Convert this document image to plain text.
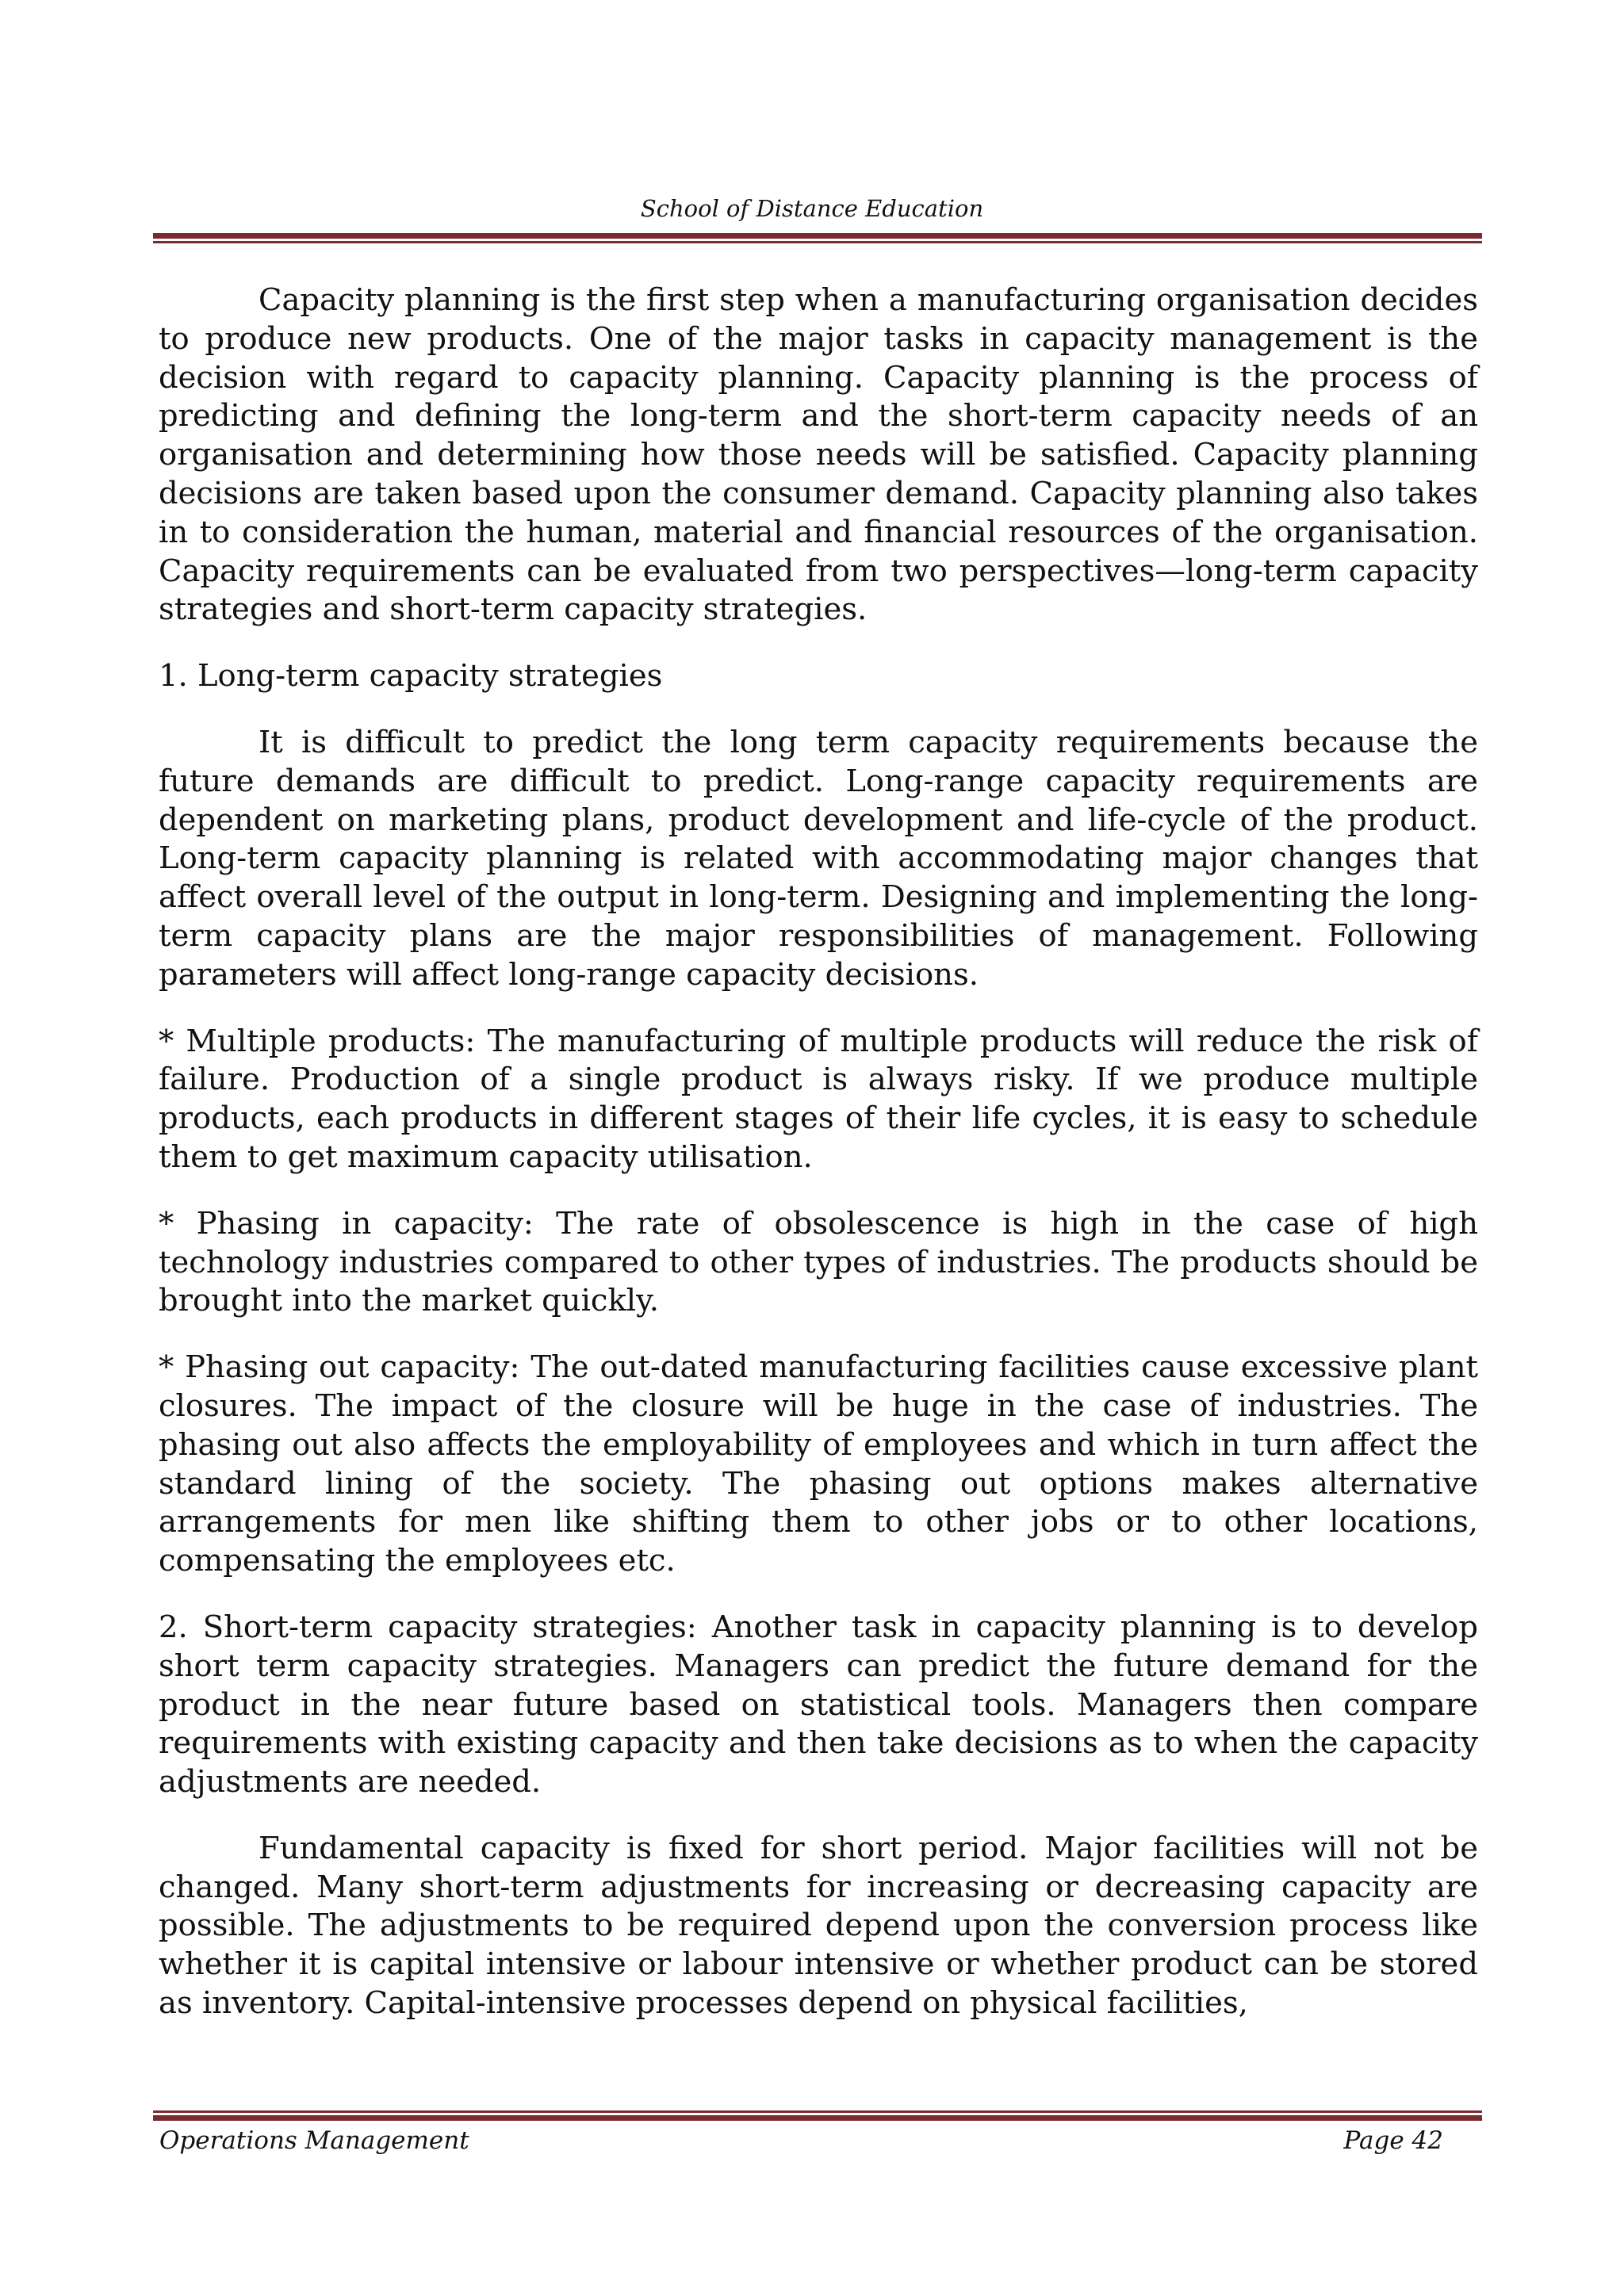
School of Distance Education

Capacity planning is the first step when a manufacturing organisation decides to produce new products. One of the major tasks in capacity management is the decision with regard to capacity planning. Capacity planning is the process of predicting and defining the long-term and the short-term capacity needs of an organisation and determining how those needs will be satisfied. Capacity planning decisions are taken based upon the consumer demand. Capacity planning also takes in to consideration the human, material and financial resources of the organisation. Capacity requirements can be evaluated from two perspectives—long-term capacity strategies and short-term capacity strategies.

1. Long-term capacity strategies

It is difficult to predict the long term capacity requirements because the future demands are difficult to predict. Long-range capacity requirements are dependent on marketing plans, product development and life-cycle of the product. Long-term capacity planning is related with accommodating major changes that affect overall level of the output in long-term. Designing and implementing the long-term capacity plans are the major responsibilities of management. Following parameters will affect long-range capacity decisions.

* Multiple products: The manufacturing of multiple products will reduce the risk of failure. Production of a single product is always risky. If we produce multiple products, each products in different stages of their life cycles, it is easy to schedule them to get maximum capacity utilisation.

* Phasing in capacity: The rate of obsolescence is high in the case of high technology industries compared to other types of industries. The products should be brought into the market quickly.

* Phasing out capacity: The out-dated manufacturing facilities cause excessive plant closures. The impact of the closure will be huge in the case of industries. The phasing out also affects the employability of employees and which in turn affect the standard lining of the society. The phasing out options makes alternative arrangements for men like shifting them to other jobs or to other locations, compensating the employees etc.

2. Short-term capacity strategies: Another task in capacity planning is to develop short term capacity strategies. Managers can predict the future demand for the product in the near future based on statistical tools. Managers then compare requirements with existing capacity and then take decisions as to when the capacity adjustments are needed.

Fundamental capacity is fixed for short period. Major facilities will not be changed. Many short-term adjustments for increasing or decreasing capacity are possible. The adjustments to be required depend upon the conversion process like whether it is capital intensive or labour intensive or whether product can be stored as inventory. Capital-intensive processes depend on physical facilities,

Operations Management	Page 42
